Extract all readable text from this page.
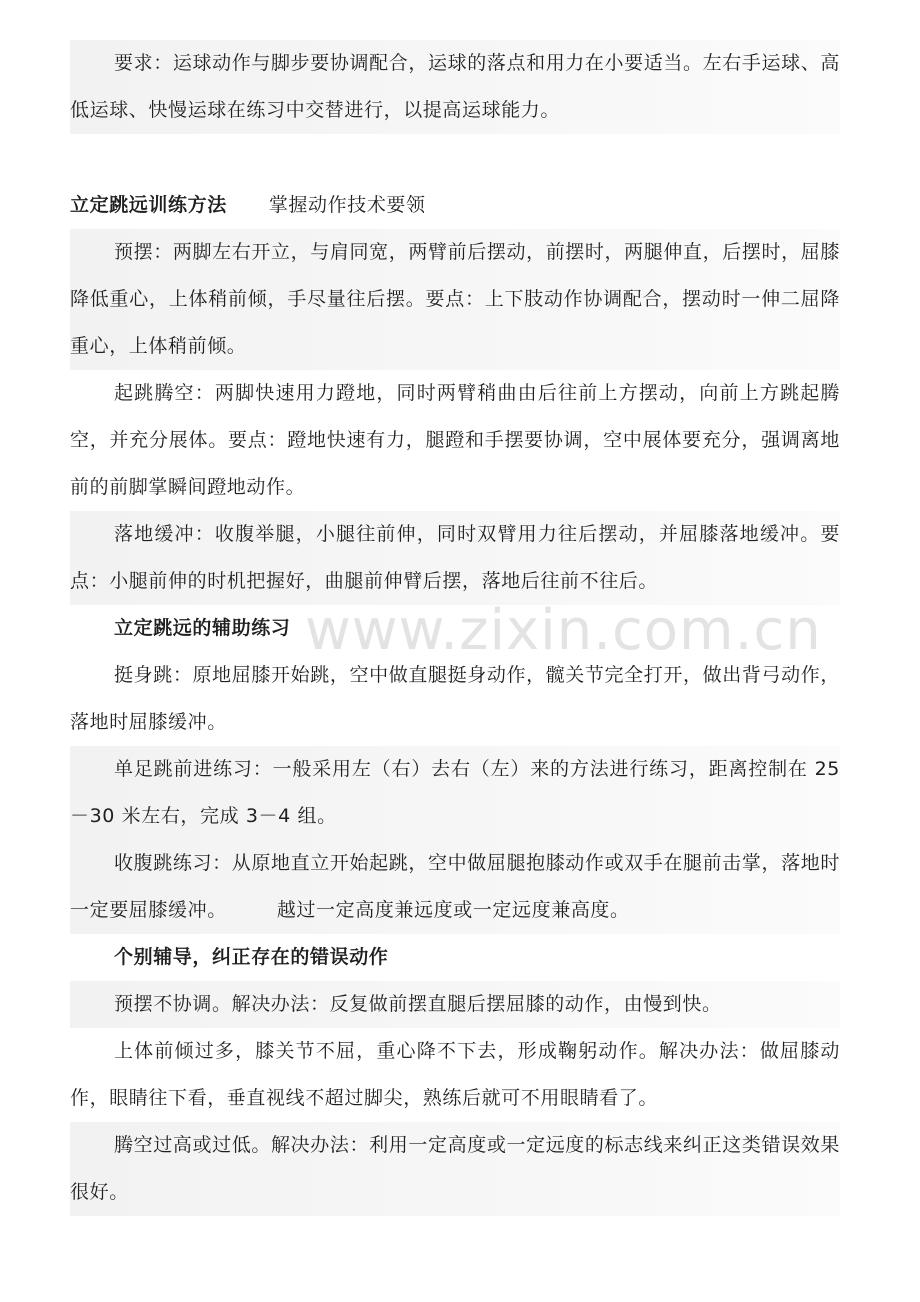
要求：运球动作与脚步要协调配合，运球的落点和用力在小要适当。左右手运球、高低运球、快慢运球在练习中交替进行，以提高运球能力。

立定跳远训练方法 掌握动作技术要领

预摆：两脚左右开立，与肩同宽，两臂前后摆动，前摆时，两腿伸直，后摆时，屈膝降低重心，上体稍前倾，手尽量往后摆。要点：上下肢动作协调配合，摆动时一伸二屈降重心，上体稍前倾。

起跳腾空：两脚快速用力蹬地，同时两臂稍曲由后往前上方摆动，向前上方跳起腾空，并充分展体。要点：蹬地快速有力，腿蹬和手摆要协调，空中展体要充分，强调离地前的前脚掌瞬间蹬地动作。

落地缓冲：收腹举腿，小腿往前伸，同时双臂用力往后摆动，并屈膝落地缓冲。要点：小腿前伸的时机把握好，曲腿前伸臂后摆，落地后往前不往后。

立定跳远的辅助练习

挺身跳：原地屈膝开始跳，空中做直腿挺身动作，髋关节完全打开，做出背弓动作，落地时屈膝缓冲。

单足跳前进练习：一般采用左（右）去右（左）来的方法进行练习，距离控制在 25－30 米左右，完成 3－4 组。

收腹跳练习：从原地直立开始起跳，空中做屈腿抱膝动作或双手在腿前击掌，落地时一定要屈膝缓冲。	越过一定高度兼远度或一定远度兼高度。

个别辅导，纠正存在的错误动作

预摆不协调。解决办法：反复做前摆直腿后摆屈膝的动作，由慢到快。

上体前倾过多，膝关节不屈，重心降不下去，形成鞠躬动作。解决办法：做屈膝动作，眼睛往下看，垂直视线不超过脚尖，熟练后就可不用眼睛看了。

腾空过高或过低。解决办法：利用一定高度或一定远度的标志线来纠正这类错误效果很好。

www.zixin.com.cn
